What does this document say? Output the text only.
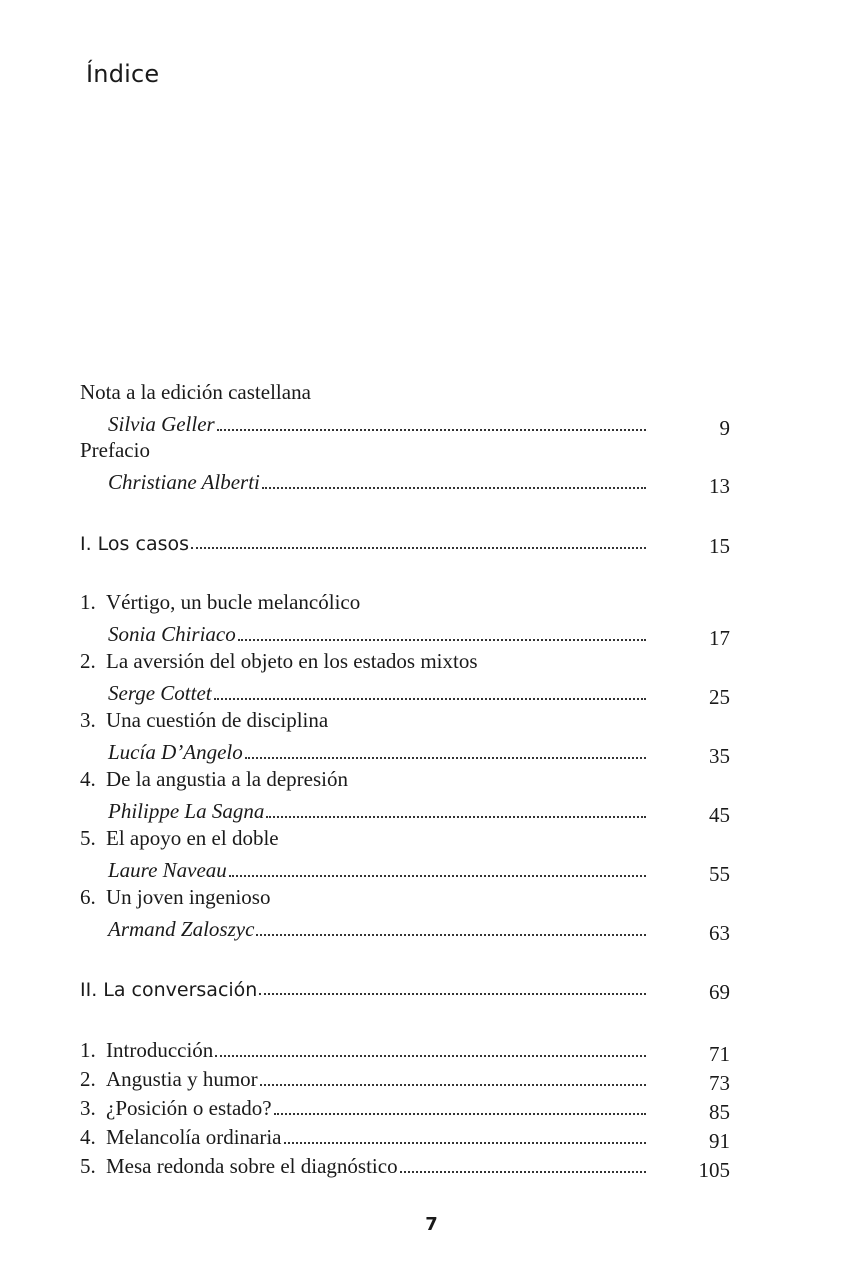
Índice
Nota a la edición castellana
Silvia Geller	9
Prefacio
Christiane Alberti	13
I. Los casos	15
1. Vértigo, un bucle melancólico
Sonia Chiriaco	17
2. La aversión del objeto en los estados mixtos
Serge Cottet	25
3. Una cuestión de disciplina
Lucía D’Angelo	35
4. De la angustia a la depresión
Philippe La Sagna	45
5. El apoyo en el doble
Laure Naveau	55
6. Un joven ingenioso
Armand Zaloszyc	63
II. La conversación	69
1. Introducción	71
2. Angustia y humor	73
3. ¿Posición o estado?	85
4. Melancolía ordinaria	91
5. Mesa redonda sobre el diagnóstico	105
7
